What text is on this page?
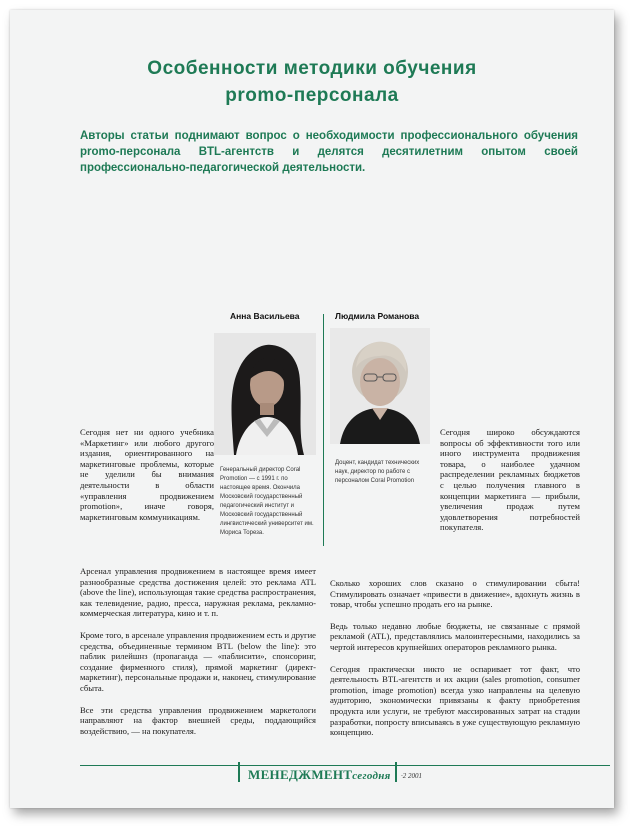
Особенности методики обучения
promo-персонала
Авторы статьи поднимают вопрос о необходимости профессионального обучения promo-персонала BTL-агентств и делятся десятилетним опытом своей профессионально-педагогической деятельности.
Анна Васильева
Генеральный директор Coral Promotion — с 1991 г. по настоящее время. Окончила Московский государственный педагогический институт и Московский государственный лингвистический университет им. Мориса Тореза.
Людмила Романова
Доцент, кандидат технических наук, директор по работе с персоналом Coral Promotion

Сегодня нет ни одного учебника «Маркетинг» или любого другого издания, ориентированного на маркетинговые проблемы, которые не уделили бы внимания деятельности в области «управления продвижением promotion», иначе говоря, маркетинговым коммуникациям.

Арсенал управления продвижением в настоящее время имеет разнообразные средства достижения целей: это реклама ATL (above the line), использующая такие средства распространения, как телевидение, радио, пресса, наружная реклама, рекламно-коммерческая литература, кино и т. п.

Кроме того, в арсенале управления продвижением есть и другие средства, объединенные термином BTL (below the line): это паблик рилейшнз (пропаганда — «паблисити», спонсоринг, создание фирменного стиля), прямой маркетинг (директ-маркетинг), персональные продажи и, наконец, стимулирование сбыта.

Все эти средства управления продвижением маркетологи направляют на фактор внешней среды, поддающийся воздействию, — на покупателя.

Сегодня широко обсуждаются вопросы об эффективности того или иного инструмента продвижения товара, о наиболее удачном распределении рекламных бюджетов с целью получения главного в концепции маркетинга — прибыли, увеличения продаж путем удовлетворения потребностей покупателя.

Сколько хороших слов сказано о стимулировании сбыта! Стимулировать означает «привести в движение», вдохнуть жизнь в товар, чтобы успешно продать его на рынке.

Ведь только недавно любые бюджеты, не связанные с прямой рекламой (ATL), представлялись малоинтересными, находились за чертой интересов крупнейших операторов рекламного рынка.

Сегодня практически никто не оспаривает тот факт, что деятельность BTL-агентств и их акции (sales promotion, consumer promotion, image promotion) всегда узко направлены на целевую аудиторию, экономически привязаны к факту приобретения продукта или услуги, не требуют массированных затрат на стадии разработки, попросту вписываясь в уже существующую рекламную концепцию.

МЕНЕДЖМЕНТсегодня ·2 2001
